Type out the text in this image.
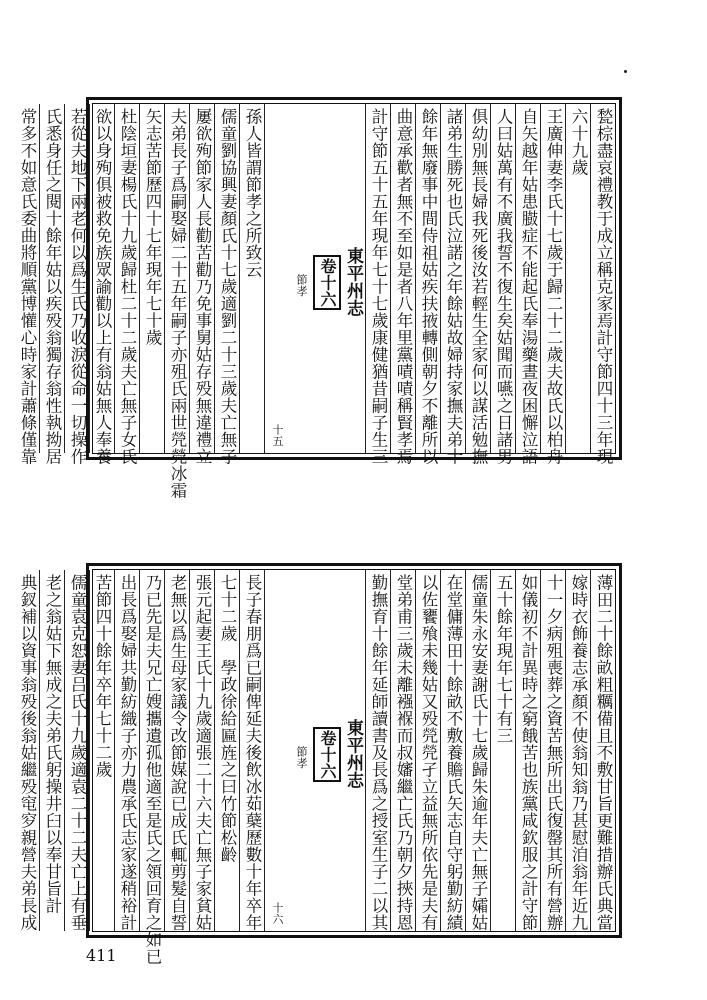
甃棕盡哀禮教于成立稱克家焉計守節四十三年現
六十九歲
王廣伸妻李氏十七歲于歸二十二歲夫故氏以柏舟
自矢越年姑患臌症不能起氏奉湯藥晝夜困懈泣語
人曰姑萬有不廣我誓不復生矣姑聞而嚥之日諸男
俱幼別無長婦我死後汝若輕生全家何以謀活勉撫
諸弟生勝死也氏泣諾之年餘姑故婦持家撫夫弟十
餘年無廢事中間侍祖姑疾扶掖轉側朝夕不離所以
曲意承歡者無不至如是者八年里黨嘖嘖稱賢孝焉
計守節五十五年現年七十七歲康健猶昔嗣子生三
東平州志
卷十六
節孝
十五
孫人皆謂節孝之所致云
儒童劉協興妻顏氏十七歲適劉二十三歲夫亡無子
屢欲殉節家人長勸苦勸乃免事舅姑存殁無違禮立
夫弟長子爲嗣娶婦二十五年嗣子亦殂氏兩世焭焭冰霜
矢志苦節歷四十七年現年七十歲
杜陰垣妻楊氏十九歲歸杜二十二歲夫亡無子女氏
欲以身殉俱被救免族眾諭勸以上有翁姑無人奉養
若從夫地下兩老何以爲生氏乃收淚從命一切操作
氏悉身任之閱十餘年姑以疾殁翁獨存翁性執拗居
常多不如意氏委曲將順黨博懽心時家計蕭條僅靠
薄田二十餘畝粗糲備且不敷甘旨更難措辦氏典當
嫁時衣飾養志承顏不使翁知翁乃甚慰洎翁年近九
十一夕病殂喪葬之資苦無所出氏復罄其所有營辦
如儀初不計異時之窮餓苦也族黨咸欽服之計守節
五十餘年現年七十有三
儒童朱永安妻謝氏十七歲歸朱逾年夫亡無子孀姑
在堂傭薄田十餘畝不敷養贍氏矢志自守躬勤紡績
以佐饔飱未幾姑又殁焭焭孑立益無所依先是夫有
堂弟甫三歲未離襁褓而叔嬸繼亡氏乃朝夕挾持恩
勤撫育十餘年延師讀書及長爲之授室生子二以其
東平州志
卷十六
節孝
十六
長子春朋爲已嗣俾延夫後飲冰茹蘖歷數十年卒年
七十二歲　學政徐給匾旌之曰竹節松齡
張元起妻王氏十九歲適張二十六夫亡無子家貧姑
老無以爲生母家議令改節媒說已成氏輒剪髮自誓
乃已先是夫兄亡嫂攜遺孤他適至是氏之領回育之如已
出長爲娶婦共勤紡織子亦力農承氏志家遂稍裕計
苦節四十餘年卒年七十二歲
儒童袁克恕妻吕氏十九歲適袁二十二夫亡上有垂
老之翁姑下無成之夫弟氏躬操井臼以奉甘旨計
典釵補以資事翁殁後翁姑繼殁窀穸親營夫弟長成
411
